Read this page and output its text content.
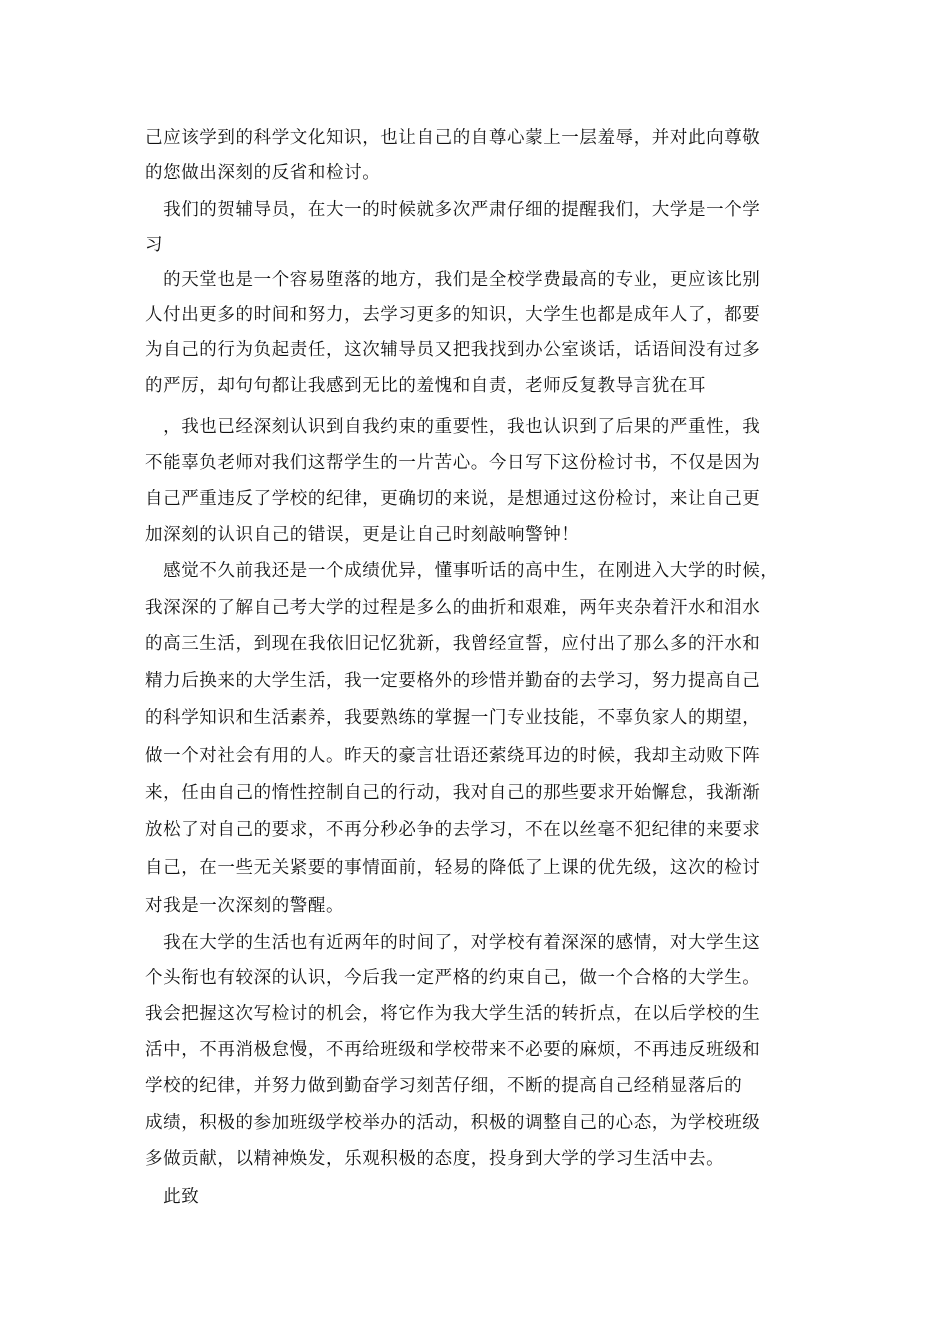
己应该学到的科学文化知识，也让自己的自尊心蒙上一层羞辱，并对此向尊敬
的您做出深刻的反省和检讨。
　我们的贺辅导员，在大一的时候就多次严肃仔细的提醒我们，大学是一个学
习
　的天堂也是一个容易堕落的地方，我们是全校学费最高的专业，更应该比别
人付出更多的时间和努力，去学习更多的知识，大学生也都是成年人了，都要
为自己的行为负起责任，这次辅导员又把我找到办公室谈话，话语间没有过多
的严厉，却句句都让我感到无比的羞愧和自责，老师反复教导言犹在耳
　，我也已经深刻认识到自我约束的重要性，我也认识到了后果的严重性，我
不能辜负老师对我们这帮学生的一片苦心。今日写下这份检讨书，不仅是因为
自己严重违反了学校的纪律，更确切的来说，是想通过这份检讨，来让自己更
加深刻的认识自己的错误，更是让自己时刻敲响警钟！
　感觉不久前我还是一个成绩优异，懂事听话的高中生，在刚进入大学的时候，
我深深的了解自己考大学的过程是多么的曲折和艰难，两年夹杂着汗水和泪水
的高三生活，到现在我依旧记忆犹新，我曾经宣誓，应付出了那么多的汗水和
精力后换来的大学生活，我一定要格外的珍惜并勤奋的去学习，努力提高自己
的科学知识和生活素养，我要熟练的掌握一门专业技能，不辜负家人的期望，
做一个对社会有用的人。昨天的豪言壮语还萦绕耳边的时候，我却主动败下阵
来，任由自己的惰性控制自己的行动，我对自己的那些要求开始懈怠，我渐渐
放松了对自己的要求，不再分秒必争的去学习，不在以丝毫不犯纪律的来要求
自己，在一些无关紧要的事情面前，轻易的降低了上课的优先级，这次的检讨
对我是一次深刻的警醒。
　我在大学的生活也有近两年的时间了，对学校有着深深的感情，对大学生这
个头衔也有较深的认识，今后我一定严格的约束自己，做一个合格的大学生。
我会把握这次写检讨的机会，将它作为我大学生活的转折点，在以后学校的生
活中，不再消极怠慢，不再给班级和学校带来不必要的麻烦，不再违反班级和
学校的纪律，并努力做到勤奋学习刻苦仔细，不断的提高自己经稍显落后的
成绩，积极的参加班级学校举办的活动，积极的调整自己的心态，为学校班级
多做贡献，以精神焕发，乐观积极的态度，投身到大学的学习生活中去。
　此致
